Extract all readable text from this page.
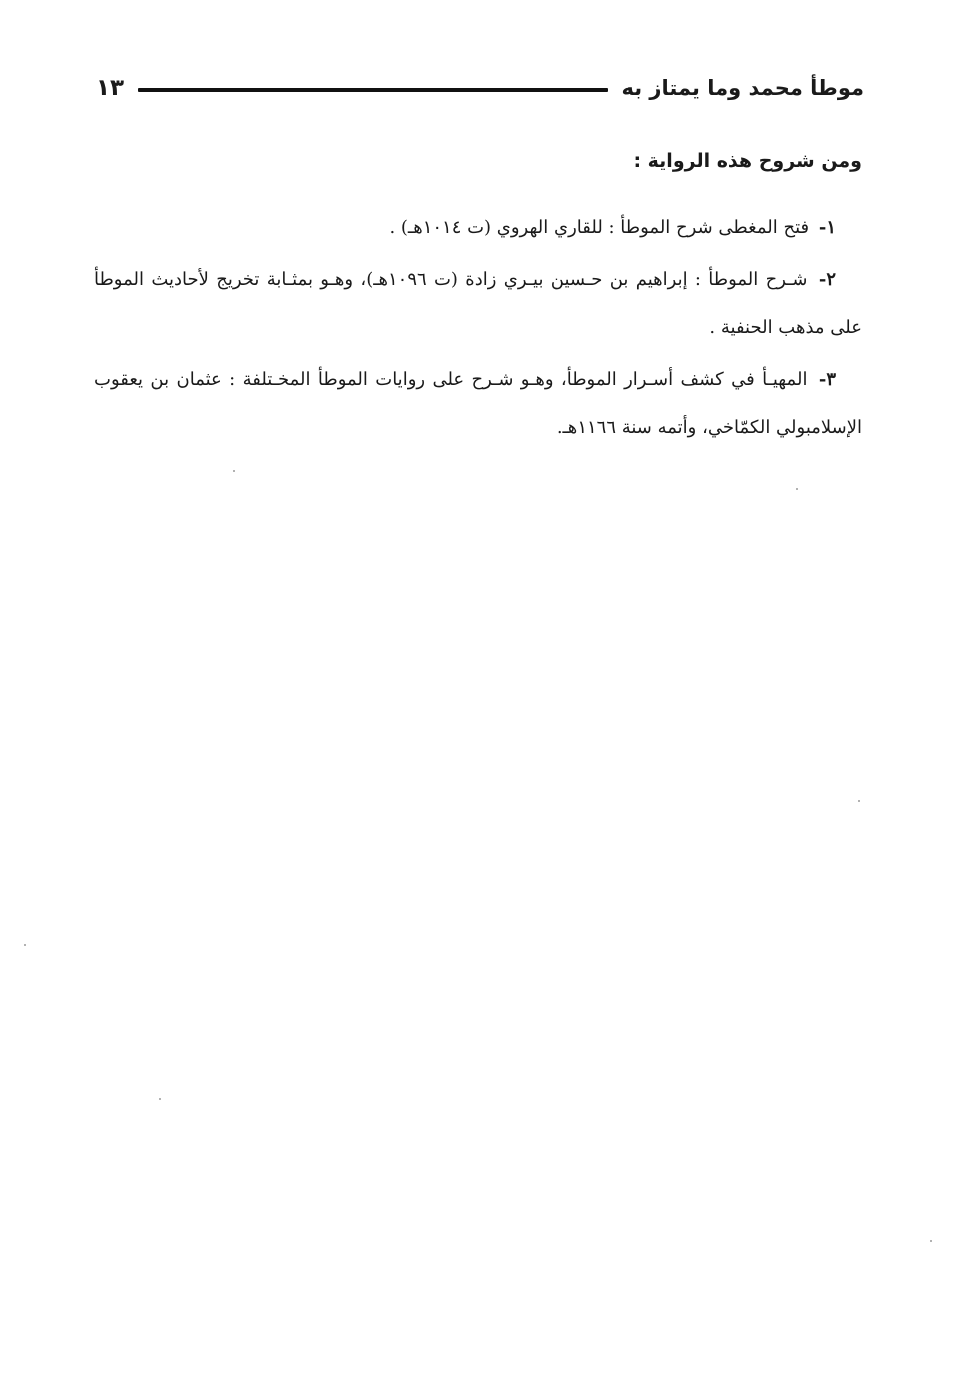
موطأ محمد وما يمتاز به
١٣
ومن شروح هذه الرواية :

١- فتح المغطى شرح الموطأ : للقاري الهروي (ت ١٠١٤هـ) .

٢- شـرح الموطأ : إبراهيم بن حـسين بيـري زادة (ت ١٠٩٦هـ)، وهـو بمثـابة تخريج لأحاديث الموطأ على مذهب الحنفية .

٣- المهيـأ في كشف أسـرار الموطأ، وهـو شـرح على روايات الموطأ المخـتلفة : عثمان بن يعقوب الإسلامبولي الكمّاخي، وأتمه سنة ١١٦٦هـ.
